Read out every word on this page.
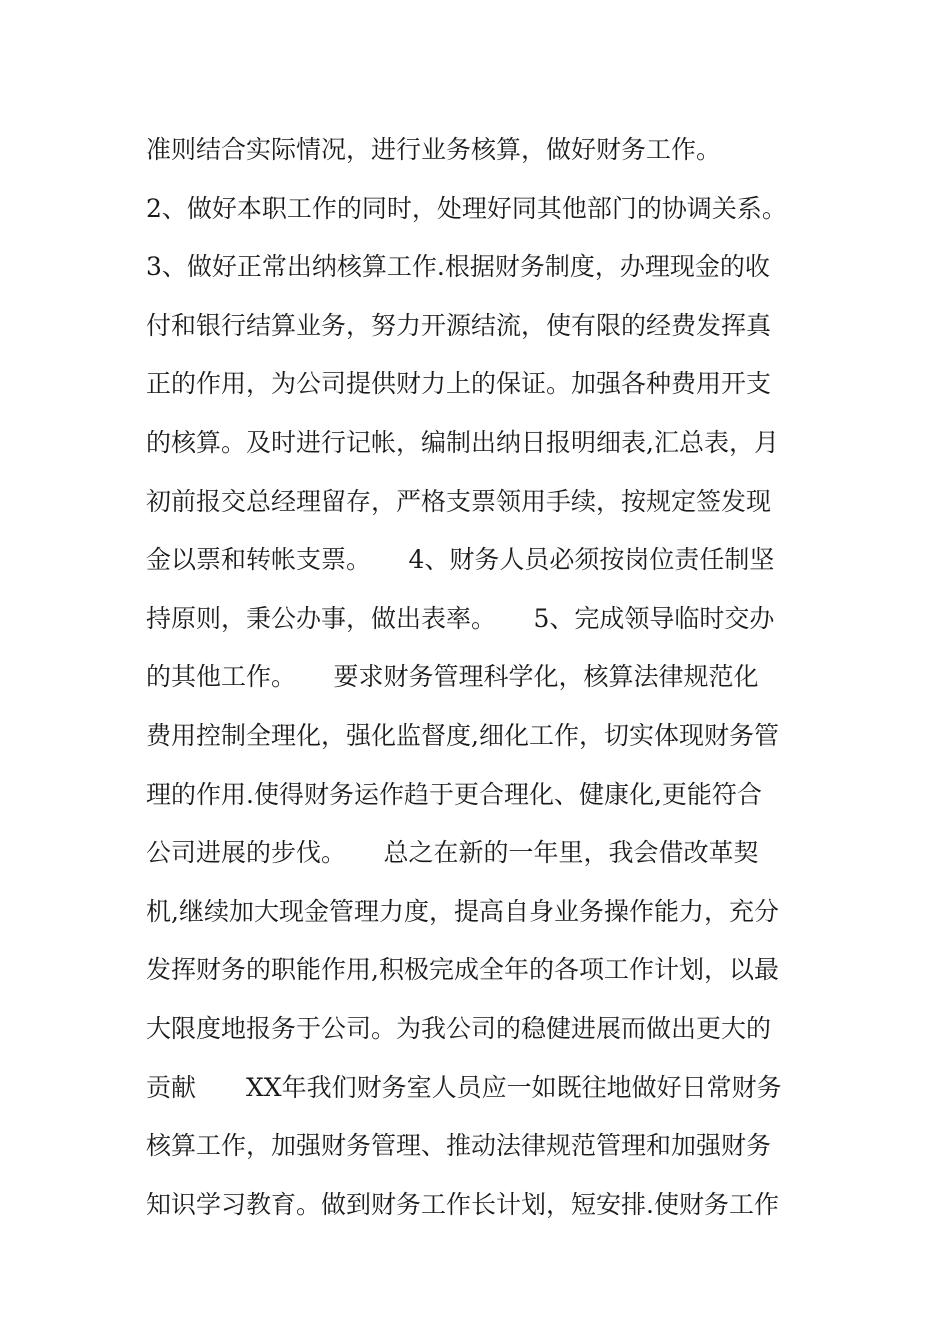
准则结合实际情况，进行业务核算，做好财务工作。
2、做好本职工作的同时，处理好同其他部门的协调关系。
3、做好正常出纳核算工作.根据财务制度，办理现金的收
付和银行结算业务，努力开源结流，使有限的经费发挥真
正的作用，为公司提供财力上的保证。加强各种费用开支
的核算。及时进行记帐，编制出纳日报明细表,汇总表，月
初前报交总经理留存，严格支票领用手续，按规定签发现
金以票和转帐支票。　　4、财务人员必须按岗位责任制坚
持原则，秉公办事，做出表率。　　5、完成领导临时交办
的其他工作。　　要求财务管理科学化，核算法律规范化
费用控制全理化，强化监督度,细化工作，切实体现财务管
理的作用.使得财务运作趋于更合理化、健康化,更能符合
公司进展的步伐。　　总之在新的一年里，我会借改革契
机,继续加大现金管理力度，提高自身业务操作能力，充分
发挥财务的职能作用,积极完成全年的各项工作计划，以最
大限度地报务于公司。为我公司的稳健进展而做出更大的
贡献　　XX年我们财务室人员应一如既往地做好日常财务
核算工作，加强财务管理、推动法律规范管理和加强财务
知识学习教育。做到财务工作长计划，短安排.使财务工作
